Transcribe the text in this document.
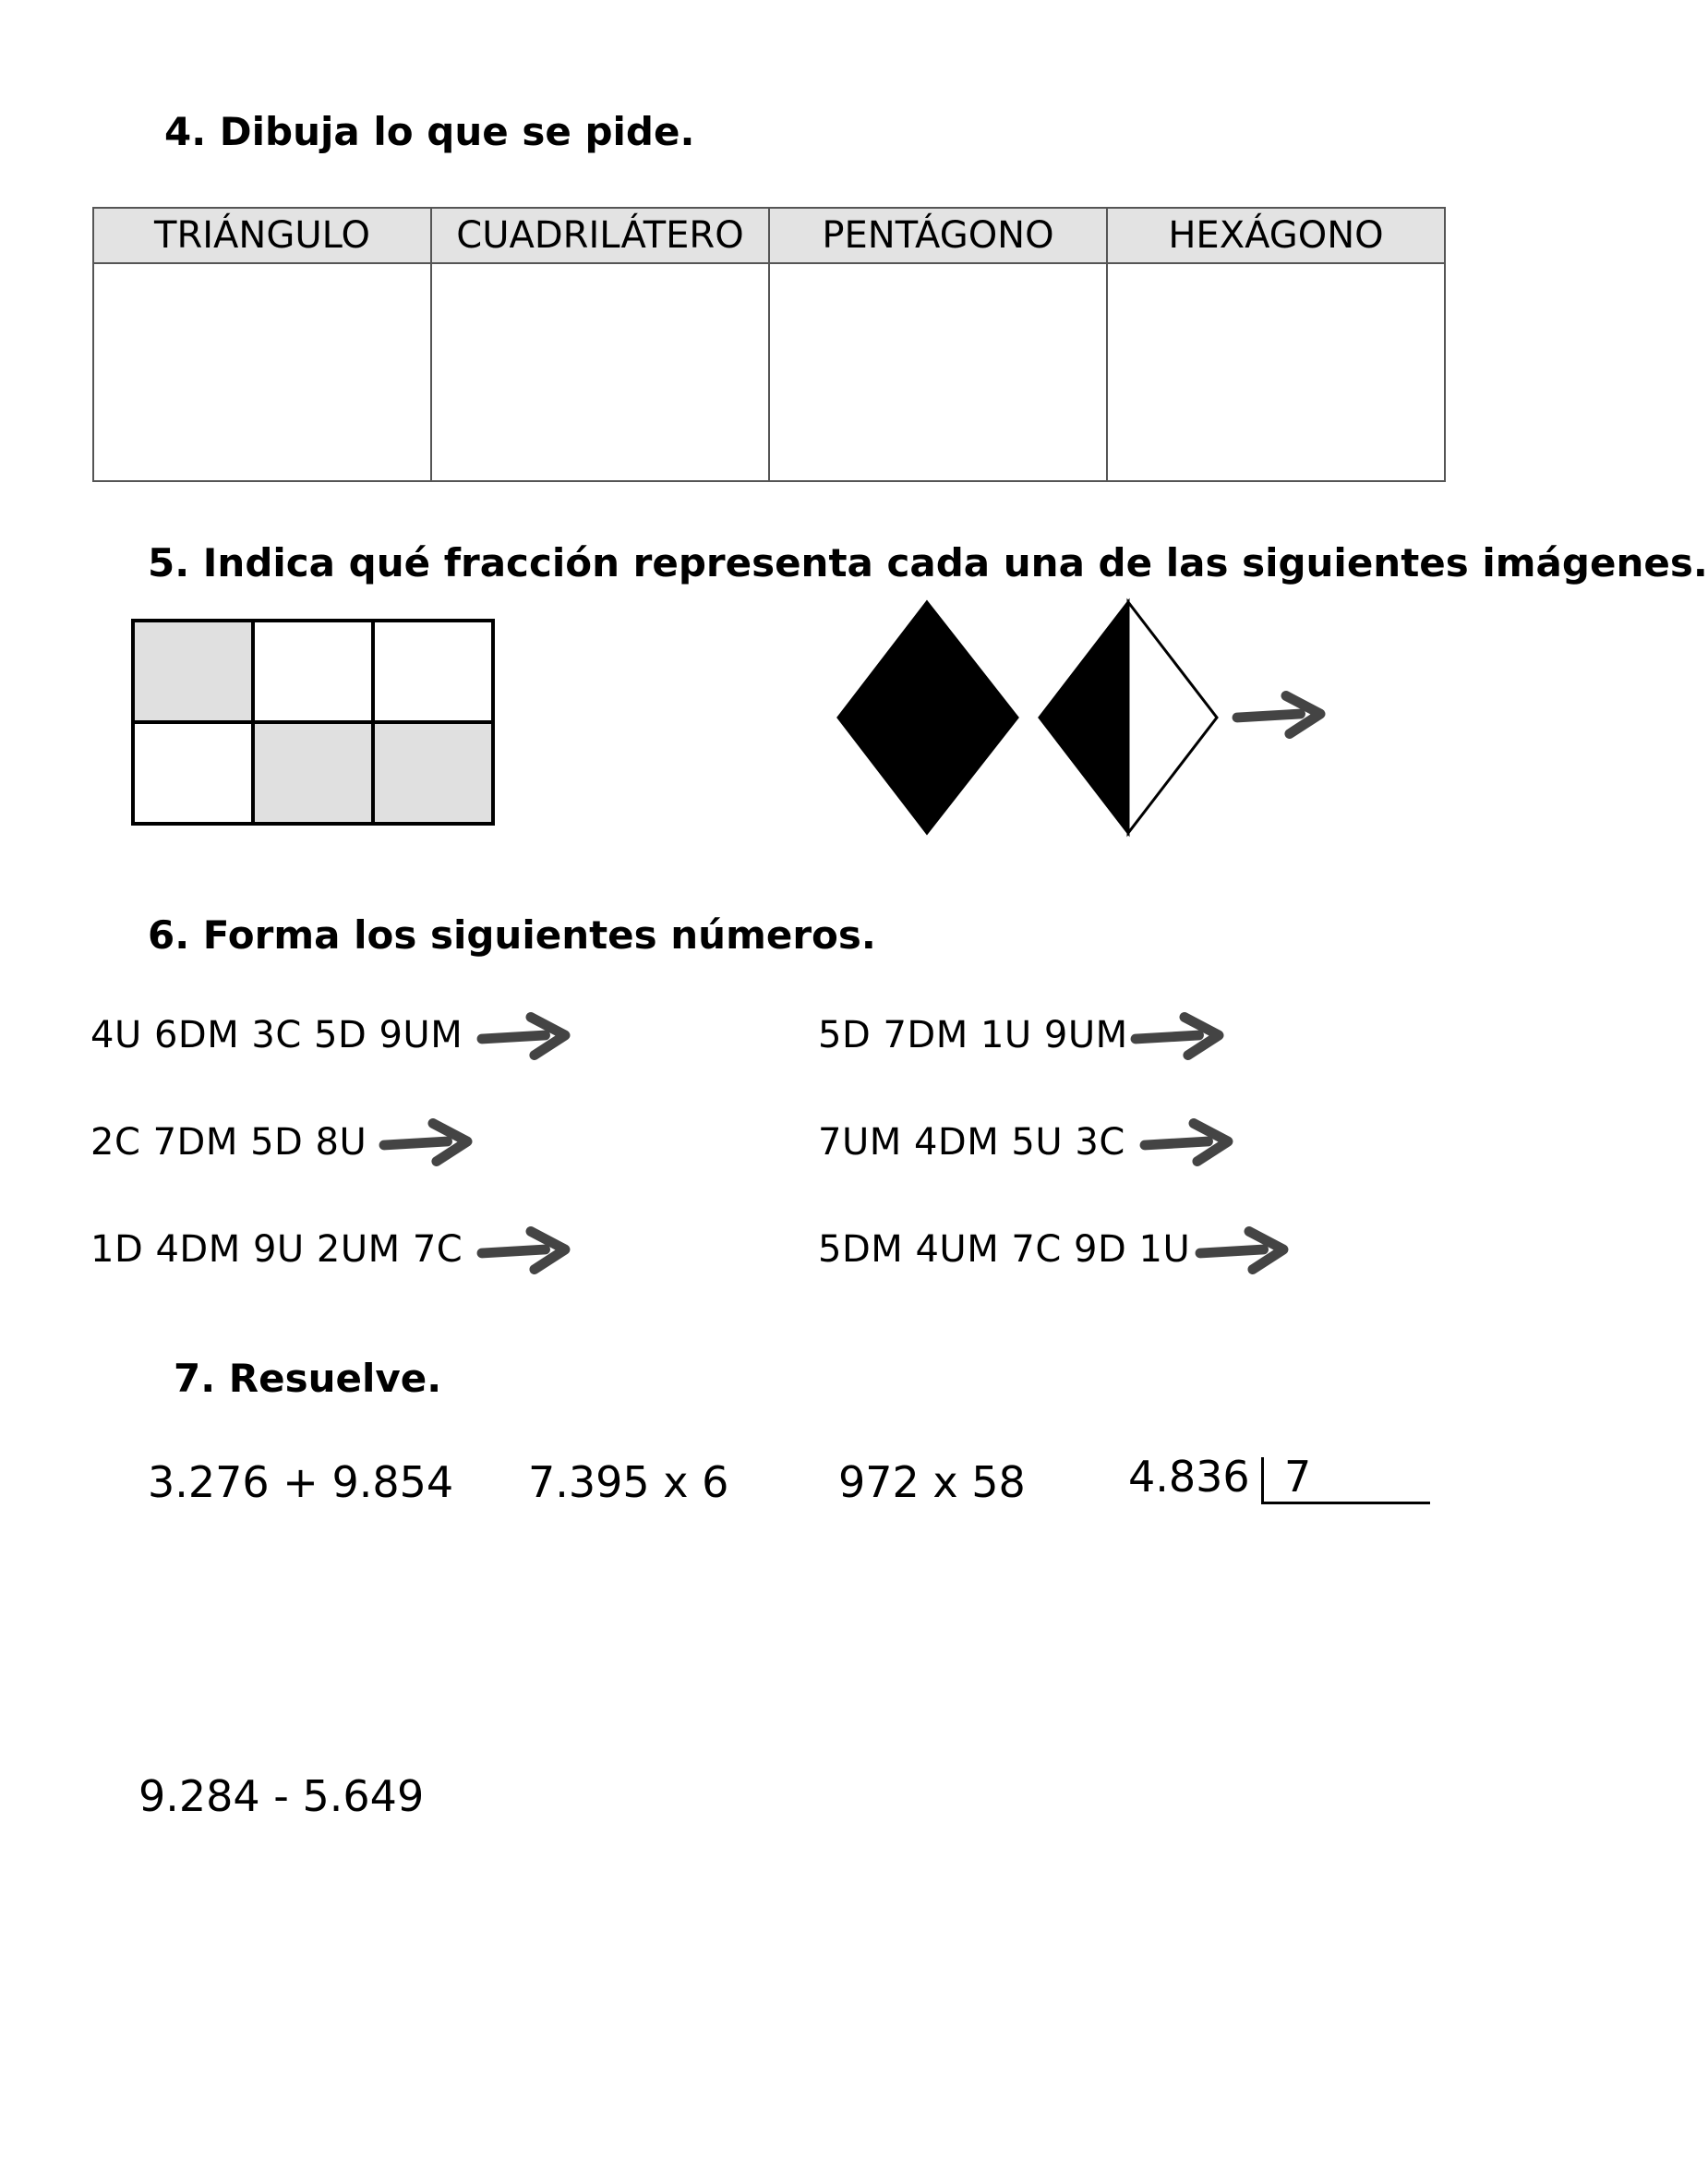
4. Dibuja lo que se pide.
TRIÁNGULO	CUADRILÁTERO	PENTÁGONO	HEXÁGONO

5. Indica qué fracción representa cada una de las siguientes imágenes.
6. Forma los siguientes números.
4U 6DM 3C 5D 9UM	5D 7DM 1U 9UM
2C 7DM 5D 8U	7UM 4DM 5U 3C
1D 4DM 9U 2UM 7C	5DM 4UM 7C 9D 1U
7. Resuelve.
3.276 + 9.854 7.395 x 6	972 x 58 4.836 7
9.284 - 5.649
